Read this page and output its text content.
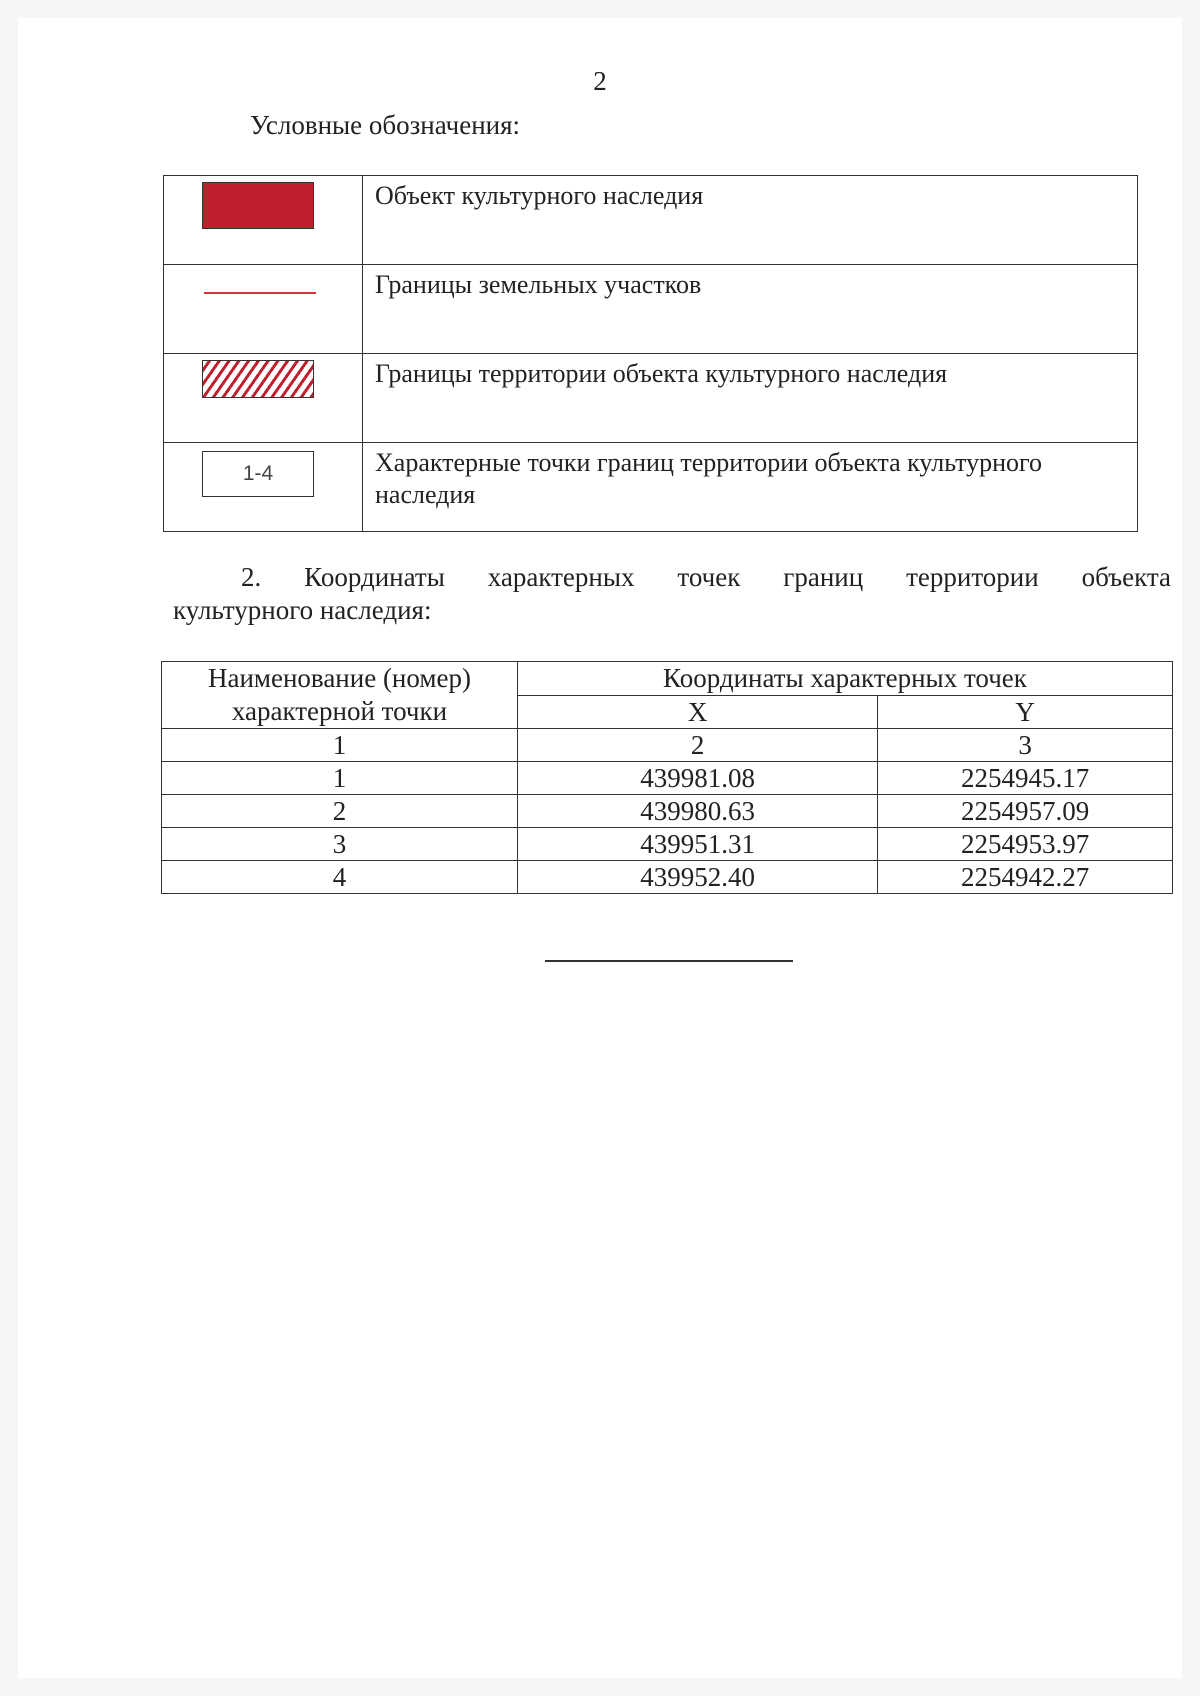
2
Условные обозначения:
	Объект культурного наследия

	Границы земельных участков

	Границы территории объекта культурного наследия

1-4	Характерные точки границ территории объекта культурного наследия
2. Координаты характерных точек границ территории объекта
культурного наследия:
Наименование (номер) характерной точки	Координаты характерных точек	
	X	Y
1	2	3
1	439981.08	2254945.17
2	439980.63	2254957.09
3	439951.31	2254953.97
4	439952.40	2254942.27
